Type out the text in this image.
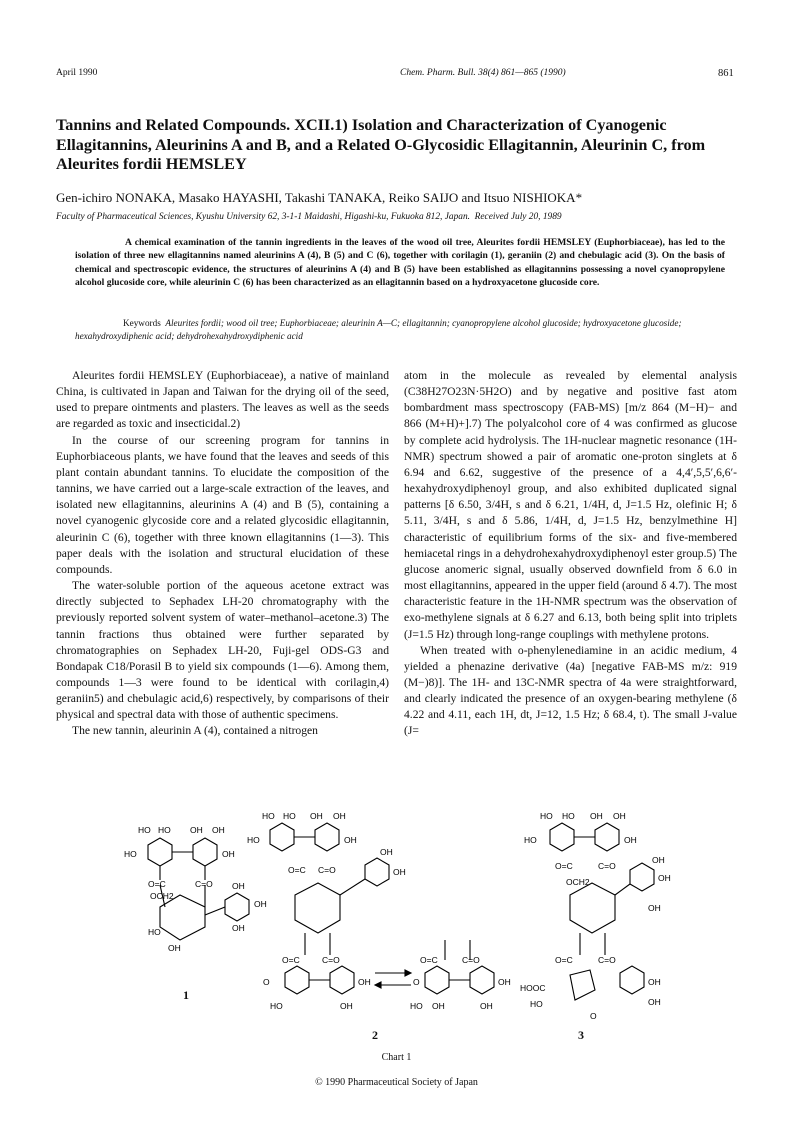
April 1990	Chem. Pharm. Bull. 38(4) 861—865 (1990)	861
Tannins and Related Compounds. XCII.1) Isolation and Characterization of Cyanogenic Ellagitannins, Aleurinins A and B, and a Related O-Glycosidic Ellagitannin, Aleurinin C, from Aleurites fordii HEMSLEY
Gen-ichiro NONAKA, Masako HAYASHI, Takashi TANAKA, Reiko SAIJO and Itsuo NISHIOKA*
Faculty of Pharmaceutical Sciences, Kyushu University 62, 3-1-1 Maidashi, Higashi-ku, Fukuoka 812, Japan. Received July 20, 1989
A chemical examination of the tannin ingredients in the leaves of the wood oil tree, Aleurites fordii HEMSLEY (Euphorbiaceae), has led to the isolation of three new ellagitannins named aleurinins A (4), B (5) and C (6), together with corilagin (1), geraniin (2) and chebulagic acid (3). On the basis of chemical and spectroscopic evidence, the structures of aleurinins A (4) and B (5) have been established as ellagitannins possessing a novel cyanopropylene alcohol glucoside core, while aleurinin C (6) has been characterized as an ellagitannin based on a hydroxyacetone glucoside core.
Keywords Aleurites fordii; wood oil tree; Euphorbiaceae; aleurinin A—C; ellagitannin; cyanopropylene alcohol glucoside; hydroxyacetone glucoside; hexahydroxydiphenic acid; dehydrohexahydroxydiphenic acid

Aleurites fordii HEMSLEY (Euphorbiaceae), a native of mainland China, is cultivated in Japan and Taiwan for the drying oil of the seed, used to prepare ointments and plasters. The leaves as well as the seeds are regarded as toxic and insecticidal.2)

In the course of our screening program for tannins in Euphorbiaceous plants, we have found that the leaves and seeds of this plant contain abundant tannins. To elucidate the composition of the tannins, we have carried out a large-scale extraction of the leaves, and isolated new ellagitannins, aleurinins A (4) and B (5), containing a novel cyanogenic glycoside core and a related glycosidic ellagitannin, aleurinin C (6), together with three known ellagitannins (1—3). This paper deals with the isolation and structural elucidation of these compounds.

The water-soluble portion of the aqueous acetone extract was directly subjected to Sephadex LH-20 chromatography with the previously reported solvent system of water–methanol–acetone.3) The tannin fractions thus obtained were further separated by chromatographies on Sephadex LH-20, Fuji-gel ODS-G3 and Bondapak C18/Porasil B to yield six compounds (1—6). Among them, compounds 1—3 were found to be identical with corilagin,4) geraniin5) and chebulagic acid,6) respectively, by comparisons of their physical and spectral data with those of authentic specimens.

The new tannin, aleurinin A (4), contained a nitrogen

atom in the molecule as revealed by elemental analysis (C38H27O23N·5H2O) and by negative and positive fast atom bombardment mass spectroscopy (FAB-MS) [m/z 864 (M−H)− and 866 (M+H)+].7) The polyalcohol core of 4 was confirmed as glucose by complete acid hydrolysis. The 1H-nuclear magnetic resonance (1H-NMR) spectrum showed a pair of aromatic one-proton singlets at δ 6.94 and 6.62, suggestive of the presence of a 4,4′,5,5′,6,6′-hexahydroxydiphenoyl group, and also exhibited duplicated signal patterns [δ 6.50, 3/4H, s and δ 6.21, 1/4H, d, J=1.5 Hz, olefinic H; δ 5.11, 3/4H, s and δ 5.86, 1/4H, d, J=1.5 Hz, benzylmethine H] characteristic of equilibrium forms of the six- and five-membered hemiacetal rings in a dehydrohexahydroxydiphenoyl ester group.5) The glucose anomeric signal, usually observed downfield from δ 6.0 in most ellagitannins, appeared in the upper field (around δ 4.7). The most characteristic feature in the 1H-NMR spectrum was the observation of exo-methylene signals at δ 6.27 and 6.13, both being split into triplets (J=1.5 Hz) through long-range couplings with methylene protons.

When treated with o-phenylenediamine in an acidic medium, 4 yielded a phenazine derivative (4a) [negative FAB-MS m/z: 919 (M−)8)]. The 1H- and 13C-NMR spectra of 4a were straightforward, and clearly indicated the presence of an oxygen-bearing methylene (δ 4.22 and 4.11, each 1H, dt, J=12, 1.5 Hz; δ 68.4, t). The small J-value (J=

HO HO OH OH
HO	OH
O=C	C=O
OCH2
OH
OH
OH
HO
OH
HO HO OH OH
HO	OH
O=C C=O	OH
OH
O=C	C=O
O	OH
HO	OH
O=C	C=O
O	OH
HO OH	OH
HO HO OH OH
HO	OH
O=C	C=O
OCH2	OH
OH
OH
O=C	C=O
HOOC
OH
HO	OH
O
1
2	3
Chart 1
© 1990 Pharmaceutical Society of Japan
